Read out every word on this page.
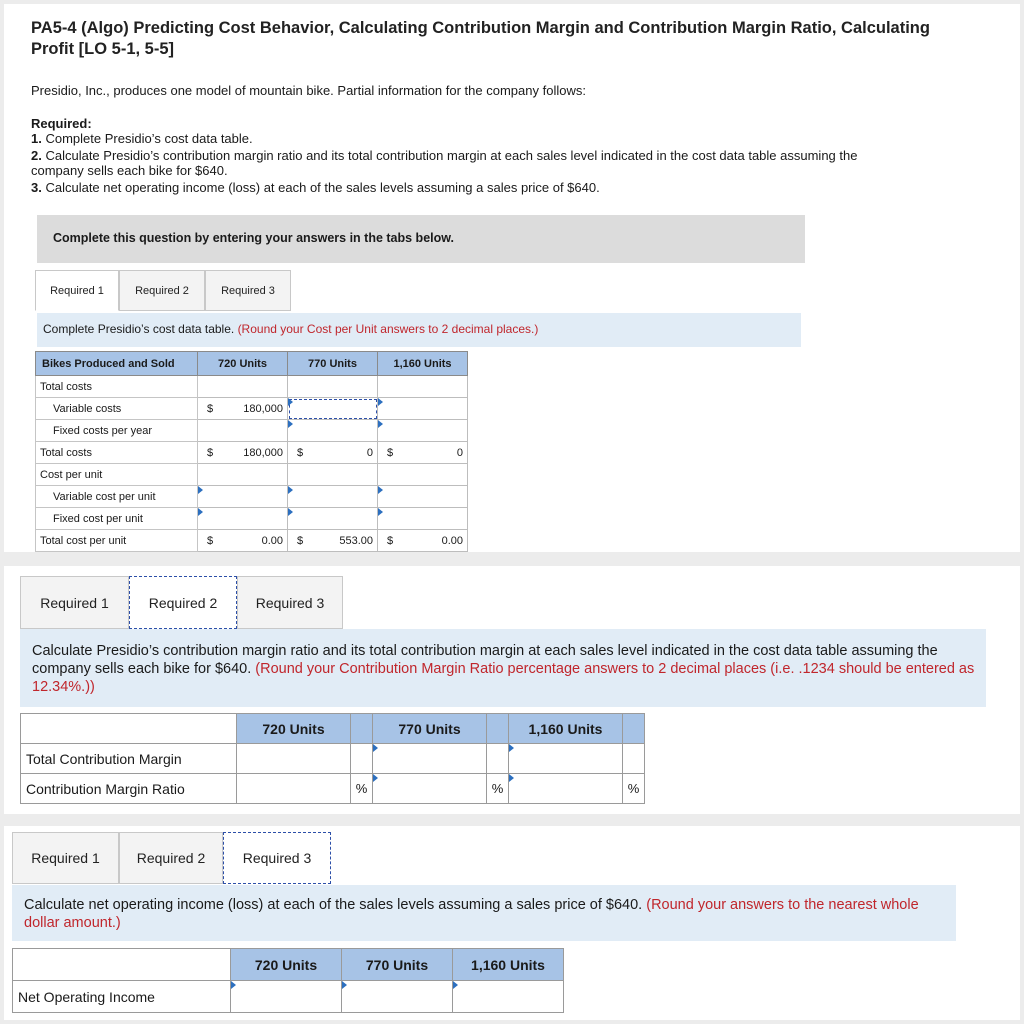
PA5-4 (Algo) Predicting Cost Behavior, Calculating Contribution Margin and Contribution Margin Ratio, Calculating Profit [LO 5-1, 5-5]
Presidio, Inc., produces one model of mountain bike. Partial information for the company follows:
Required:
1. Complete Presidio’s cost data table.
2. Calculate Presidio’s contribution margin ratio and its total contribution margin at each sales level indicated in the cost data table assuming the company sells each bike for $640.
3. Calculate net operating income (loss) at each of the sales levels assuming a sales price of $640.
Complete this question by entering your answers in the tabs below.
Required 1	Required 2	Required 3
Complete Presidio’s cost data table. (Round your Cost per Unit answers to 2 decimal places.)
Bikes Produced and Sold	720 Units	770 Units	1,160 Units
Total costs			
Variable costs	$ 180,000		

Fixed costs per year		

Total costs	$ 180,000	$ 0	$ 0

Cost per unit			
Variable cost per unit	

Fixed cost per unit	

Total cost per unit	$ 0.00	$ 553.00	$ 0.00
Required 1	Required 2	Required 3
Calculate Presidio’s contribution margin ratio and its total contribution margin at each sales level indicated in the cost data table assuming the company sells each bike for $640. (Round your Contribution Margin Ratio percentage answers to 2 decimal places (i.e. .1234 should be entered as 12.34%.))
	720 Units		770 Units		1,160 Units	
Total Contribution Margin			

Contribution Margin Ratio		%		%		%
Required 1	Required 2	Required 3
Calculate net operating income (loss) at each of the sales levels assuming a sales price of $640. (Round your answers to the nearest whole dollar amount.)
	720 Units	770 Units	1,160 Units
Net Operating Income	
